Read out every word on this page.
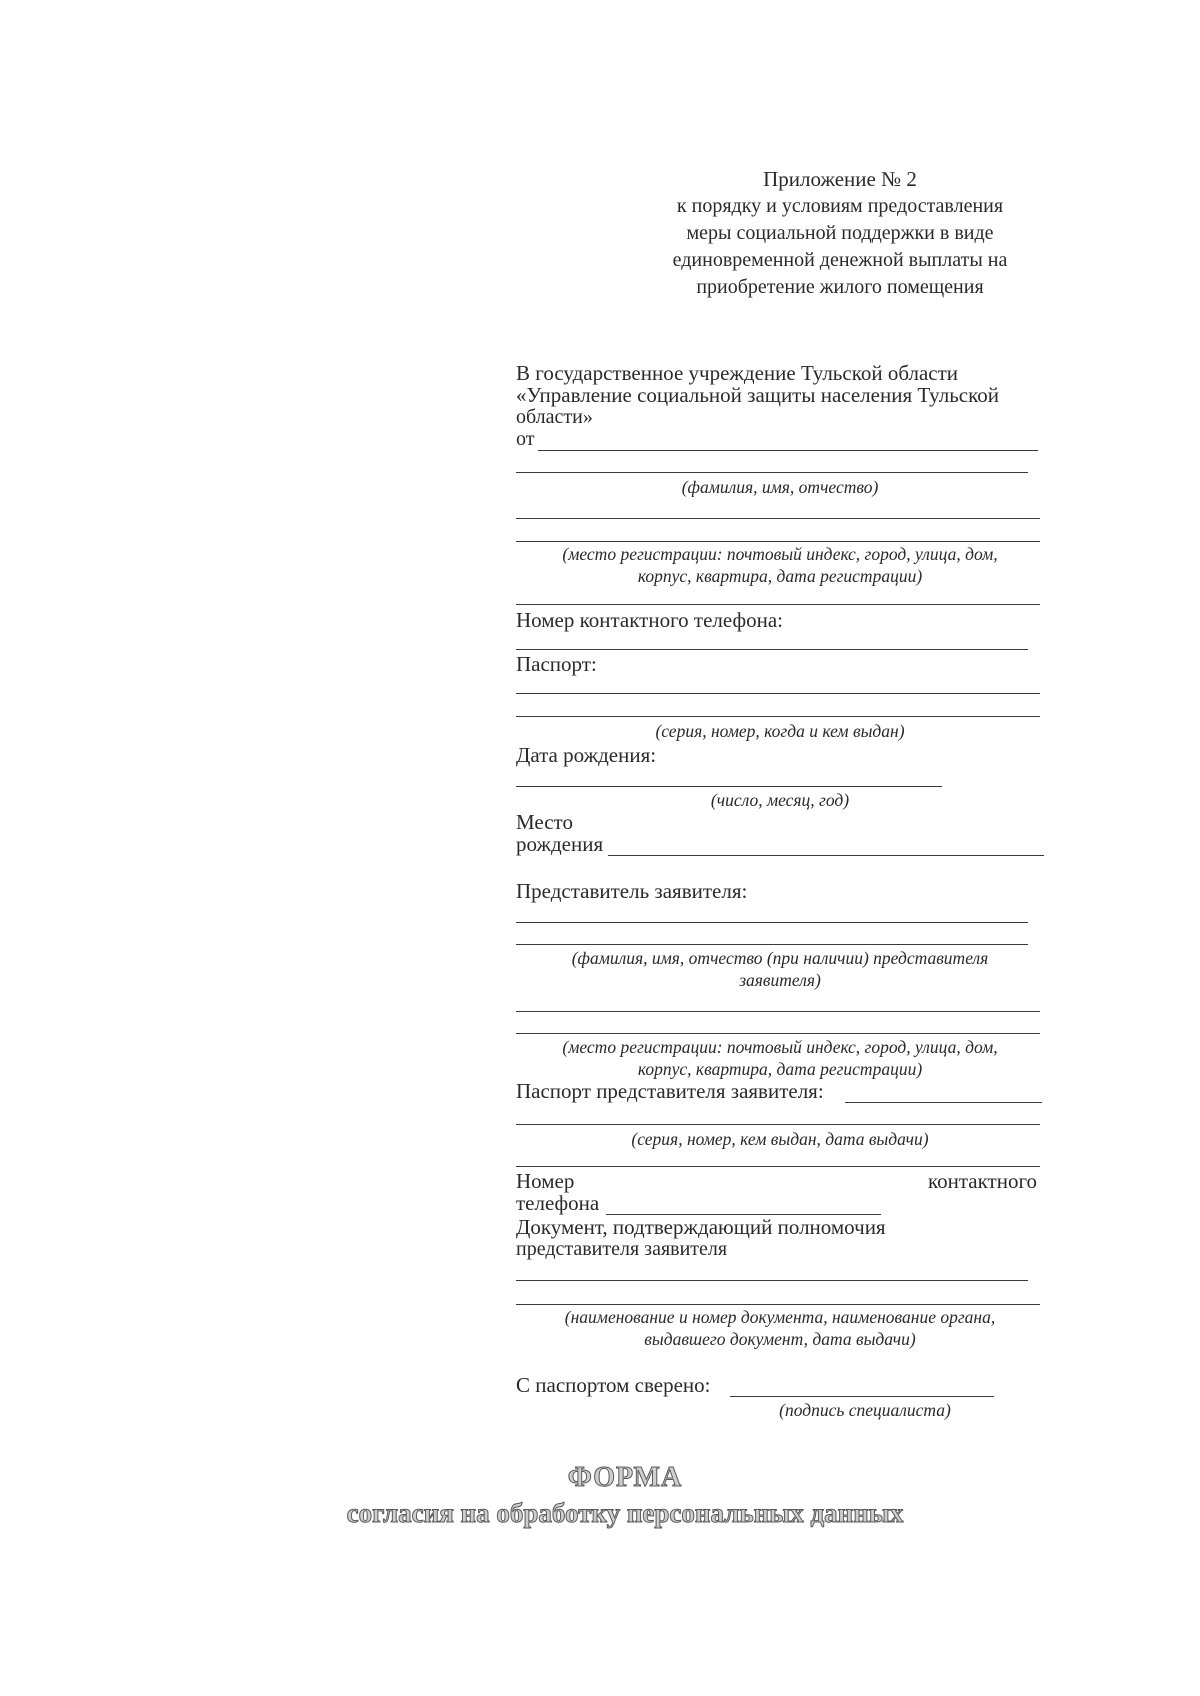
Приложение № 2
к порядку и условиям предоставления
меры социальной поддержки в виде
единовременной денежной выплаты на
приобретение жилого помещения
В государственное учреждение Тульской области
«Управление социальной защиты населения Тульской
области»
от
(фамилия, имя, отчество)
(место регистрации: почтовый индекс, город, улица, дом,
корпус, квартира, дата регистрации)
Номер контактного телефона:
Паспорт:
(серия, номер, когда и кем выдан)
Дата рождения:
(число, месяц, год)
Место
рождения
Представитель заявителя:
(фамилия, имя, отчество (при наличии) представителя
заявителя)
(место регистрации: почтовый индекс, город, улица, дом,
корпус, квартира, дата регистрации)
Паспорт представителя заявителя:
(серия, номер, кем выдан, дата выдачи)
Номер	контактного
телефона
Документ, подтверждающий полномочия
представителя заявителя
(наименование и номер документа, наименование органа,
выдавшего документ, дата выдачи)
С паспортом сверено:
(подпись специалиста)
ФОРМА
согласия на обработку персональных данных
